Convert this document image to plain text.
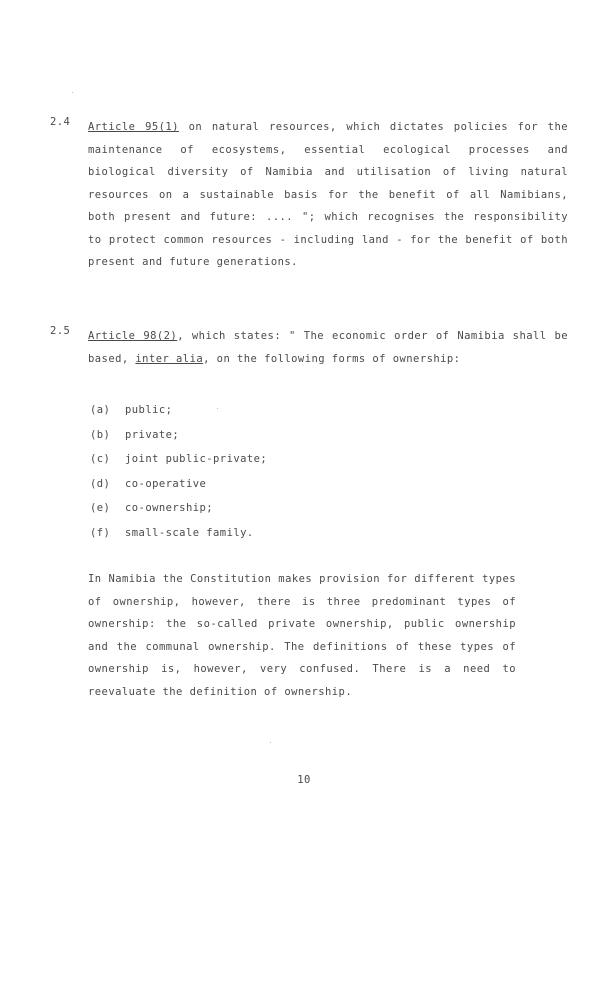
2.4 Article 95(1) on natural resources, which dictates policies for the maintenance of ecosystems, essential ecological processes and biological diversity of Namibia and utilisation of living natural resources on a sustainable basis for the benefit of all Namibians, both present and future: .... "; which recognises the responsibility to protect common resources - including land - for the benefit of both present and future generations.
2.5 Article 98(2), which states: " The economic order of Namibia shall be based, inter alia, on the following forms of ownership:
(a) public;
(b) private;
(c) joint public-private;
(d) co-operative
(e) co-ownership;
(f) small-scale family.
In Namibia the Constitution makes provision for different types of ownership, however, there is three predominant types of ownership: the so-called private ownership, public ownership and the communal ownership. The definitions of these types of ownership is, however, very confused. There is a need to reevaluate the definition of ownership.
10
